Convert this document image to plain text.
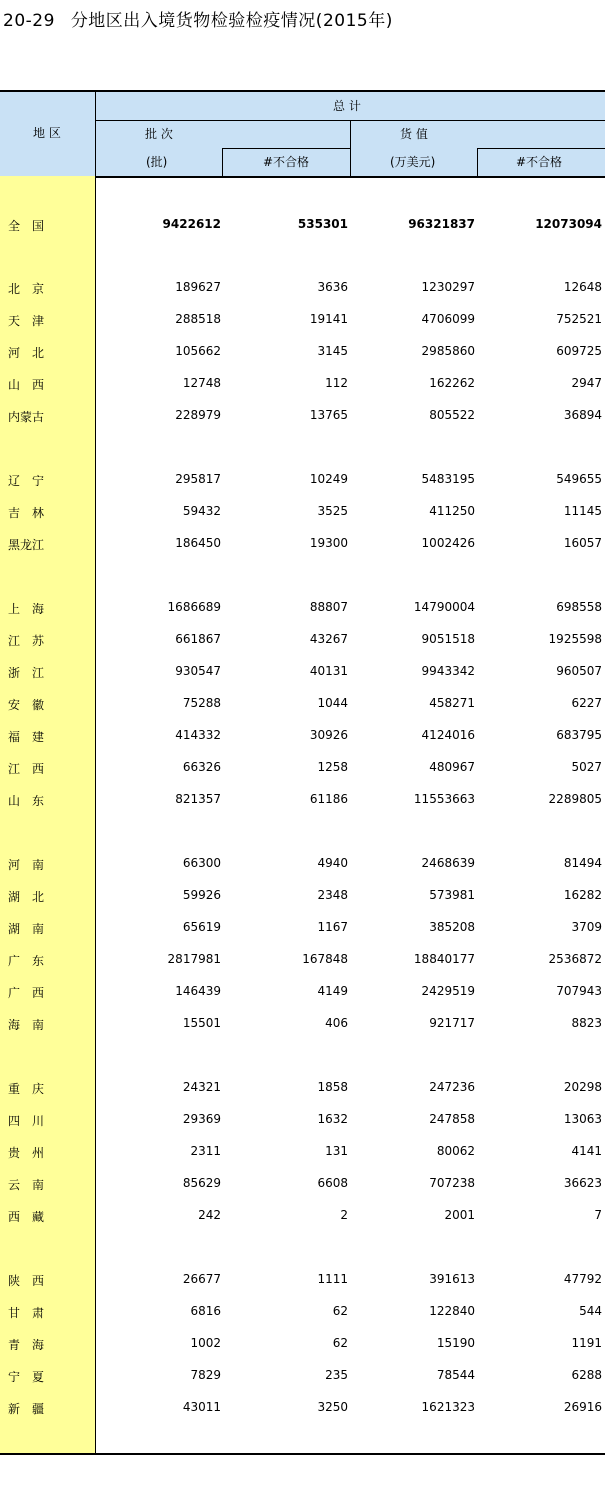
20-29 分地区出入境货物检验检疫情况(2015年)
地 区
总 计
批 次
(批)	#不合格
货 值
(万美元)	#不合格
全　国	9422612	535301	96321837	12073094
北　京	189627	3636	1230297	12648
天　津	288518	19141	4706099	752521
河　北	105662	3145	2985860	609725
山　西	12748	112	162262	2947
内蒙古	228979	13765	805522	36894
辽　宁	295817	10249	5483195	549655
吉　林	59432	3525	411250	11145
黑龙江	186450	19300	1002426	16057
上　海	1686689	88807	14790004	698558
江　苏	661867	43267	9051518	1925598
浙　江	930547	40131	9943342	960507
安　徽	75288	1044	458271	6227
福　建	414332	30926	4124016	683795
江　西	66326	1258	480967	5027
山　东	821357	61186	11553663	2289805
河　南	66300	4940	2468639	81494
湖　北	59926	2348	573981	16282
湖　南	65619	1167	385208	3709
广　东	2817981	167848	18840177	2536872
广　西	146439	4149	2429519	707943
海　南	15501	406	921717	8823
重　庆	24321	1858	247236	20298
四　川	29369	1632	247858	13063
贵　州	2311	131	80062	4141
云　南	85629	6608	707238	36623
西　藏	242	2	2001	7
陕　西	26677	1111	391613	47792
甘　肃	6816	62	122840	544
青　海	1002	62	15190	1191
宁　夏	7829	235	78544	6288
新　疆	43011	3250	1621323	26916
